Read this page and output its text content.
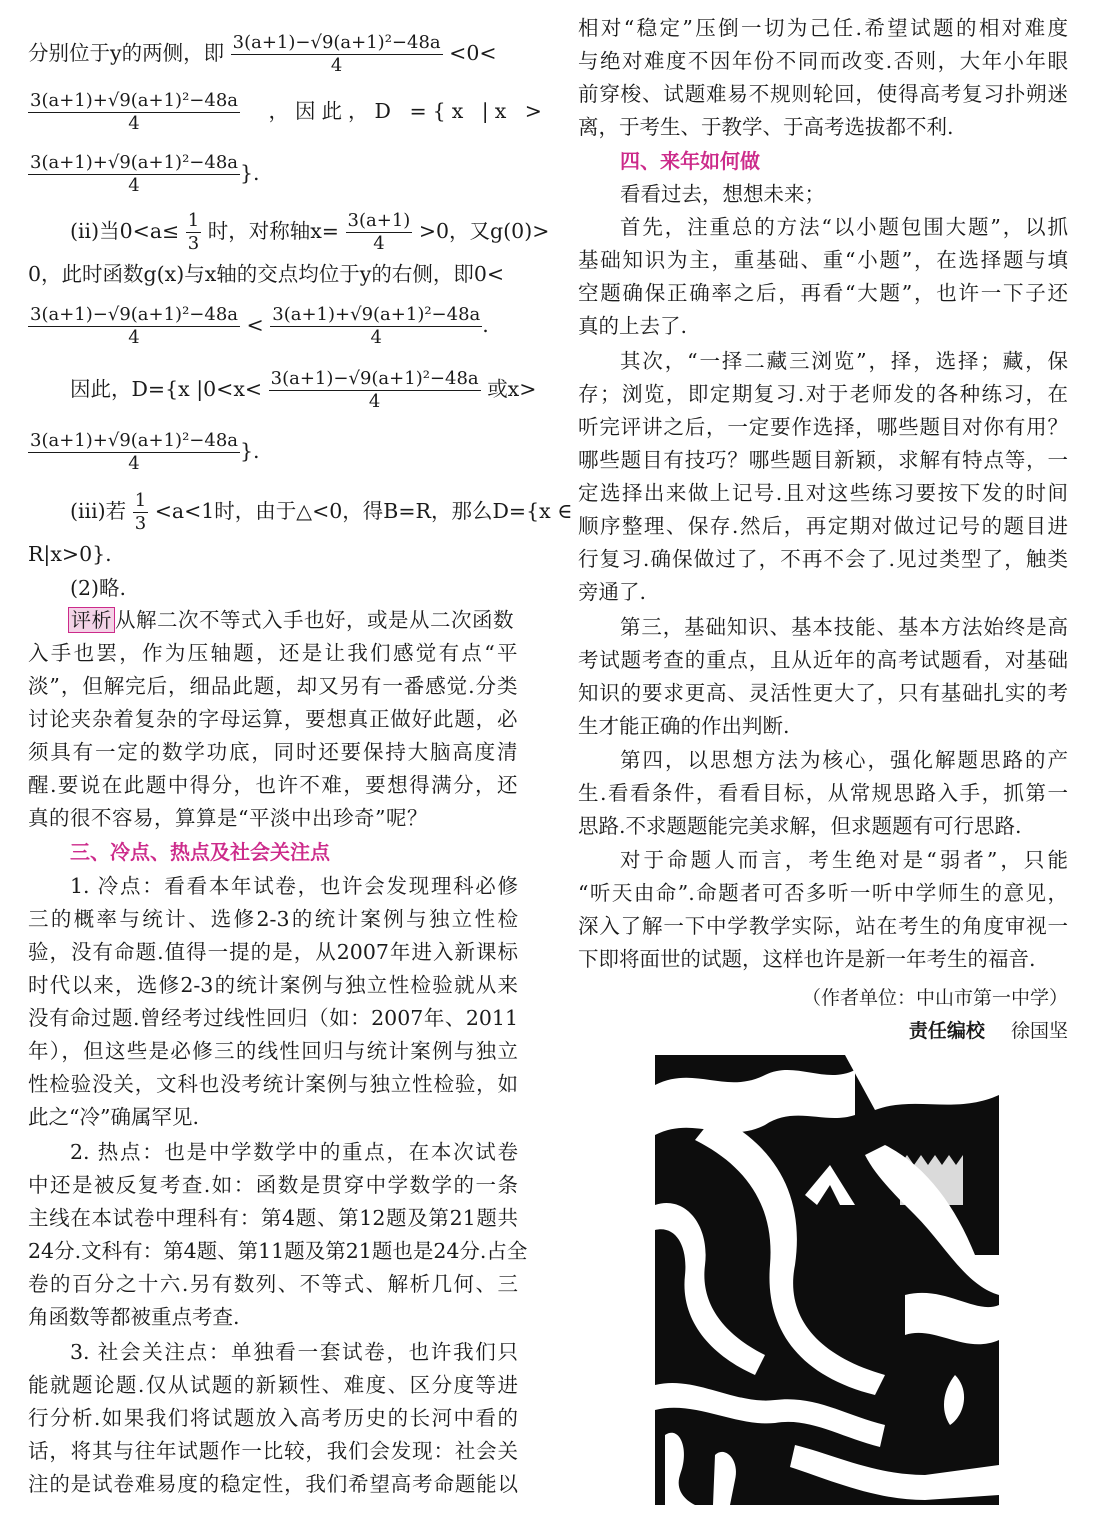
分别位于y的两侧，即 $\frac{\text{3(a+1)−√9(a+1)²−48a}}{4} <0<$
$\frac{\text{3(a+1)+√9(a+1)²−48a}}{4}$ ，因此，D ={x |x >
$\frac{\text{3(a+1)+√9(a+1)²−48a}}{4}$ }.
(ii)当$0<a\le \frac{1}{3}$ 时，对称轴$x= \frac{3(a+1)}{4} >0$，又g(0)>
0，此时函数g(x)与x轴的交点均位于y的右侧，即0<
$\frac{\text{3(a+1)−√9(a+1)²−48a}}{4} < \frac{\text{3(a+1)+√9(a+1)²−48a}}{4}$ .
因此，D={x $|0<x< \frac{\text{3(a+1)−√9(a+1)²−48a}}{4}$ 或x>
$\frac{\text{3(a+1)+√9(a+1)²−48a}}{4}$ }.
(iii)若 $\frac{1}{3} <a<1$时，由于△<0，得B=R，那么D={x ∈
R|x>0}.
(2)略.
评析 从解二次不等式入手也好，或是从二次函数
入手也罢，作为压轴题，还是让我们感觉有点“平
淡”，但解完后，细品此题，却又另有一番感觉.分类
讨论夹杂着复杂的字母运算，要想真正做好此题，必
须具有一定的数学功底，同时还要保持大脑高度清
醒.要说在此题中得分，也许不难，要想得满分，还
真的很不容易，算算是“平淡中出珍奇”呢？
三、冷点、热点及社会关注点
1. 冷点：看看本年试卷，也许会发现理科必修
三的概率与统计、选修2-3的统计案例与独立性检
验，没有命题.值得一提的是，从2007年进入新课标
时代以来，选修2-3的统计案例与独立性检验就从来
没有命过题.曾经考过线性回归（如：2007年、2011
年），但这些是必修三的线性回归与统计案例与独立
性检验没关，文科也没考统计案例与独立性检验，如
此之“冷”确属罕见.
2. 热点：也是中学数学中的重点，在本次试卷
中还是被反复考查.如：函数是贯穿中学数学的一条
主线在本试卷中理科有：第4题、第12题及第21题共
24分.文科有：第4题、第11题及第21题也是24分.占全
卷的百分之十六.另有数列、不等式、解析几何、三
角函数等都被重点考查.
3. 社会关注点：单独看一套试卷，也许我们只
能就题论题.仅从试题的新颖性、难度、区分度等进
行分析.如果我们将试题放入高考历史的长河中看的
话，将其与往年试题作一比较，我们会发现：社会关
注的是试卷难易度的稳定性，我们希望高考命题能以
相对“稳定”压倒一切为己任.希望试题的相对难度
与绝对难度不因年份不同而改变.否则，大年小年眼
前穿梭、试题难易不规则轮回，使得高考复习扑朔迷
离，于考生、于教学、于高考选拔都不利.
四、来年如何做
看看过去，想想未来；
首先，注重总的方法“以小题包围大题”，以抓
基础知识为主，重基础、重“小题”，在选择题与填
空题确保正确率之后，再看“大题”，也许一下子还
真的上去了.
其次，“一择二藏三浏览”，择，选择；藏，保
存；浏览，即定期复习.对于老师发的各种练习，在
听完评讲之后，一定要作选择，哪些题目对你有用？
哪些题目有技巧？哪些题目新颖，求解有特点等，一
定选择出来做上记号.且对这些练习要按下发的时间
顺序整理、保存.然后，再定期对做过记号的题目进
行复习.确保做过了，不再不会了.见过类型了，触类
旁通了.
第三，基础知识、基本技能、基本方法始终是高
考试题考查的重点，且从近年的高考试题看，对基础
知识的要求更高、灵活性更大了，只有基础扎实的考
生才能正确的作出判断.
第四，以思想方法为核心，强化解题思路的产
生.看看条件，看看目标，从常规思路入手，抓第一
思路.不求题题能完美求解，但求题题有可行思路.
对于命题人而言，考生绝对是“弱者”，只能
“听天由命”.命题者可否多听一听中学师生的意见，
深入了解一下中学教学实际，站在考生的角度审视一
下即将面世的试题，这样也许是新一年考生的福音.
（作者单位：中山市第一中学）
责任编校 徐国坚
